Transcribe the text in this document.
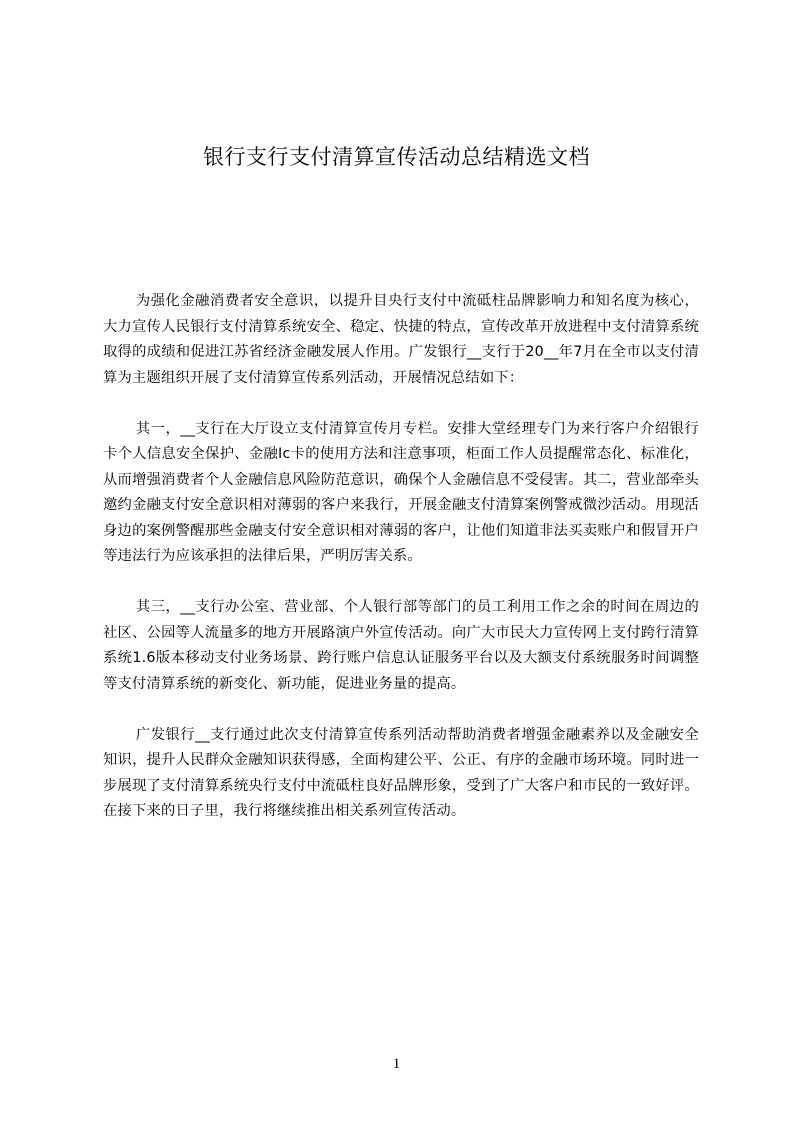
银行支行支付清算宣传活动总结精选文档

为强化金融消费者安全意识，以提升目央行支付中流砥柱品牌影响力和知名度为核心，大力宣传人民银行支付清算系统安全、稳定、快捷的特点，宣传改革开放进程中支付清算系统取得的成绩和促进江苏省经济金融发展人作用。广发银行__支行于20__年7月在全市以支付清算为主题组织开展了支付清算宣传系列活动，开展情况总结如下：

其一，__支行在大厅设立支付清算宣传月专栏。安排大堂经理专门为来行客户介绍银行卡个人信息安全保护、金融Ic卡的使用方法和注意事项，柜面工作人员提醒常态化、标准化，从而增强消费者个人金融信息风险防范意识，确保个人金融信息不受侵害。其二，营业部牵头邀约金融支付安全意识相对薄弱的客户来我行，开展金融支付清算案例警戒微沙活动。用现活身边的案例警醒那些金融支付安全意识相对薄弱的客户，让他们知道非法买卖账户和假冒开户等违法行为应该承担的法律后果，严明厉害关系。

其三，__支行办公室、营业部、个人银行部等部门的员工利用工作之余的时间在周边的社区、公园等人流量多的地方开展路演户外宣传活动。向广大市民大力宣传网上支付跨行清算系统1.6版本移动支付业务场景、跨行账户信息认证服务平台以及大额支付系统服务时间调整等支付清算系统的新变化、新功能，促进业务量的提高。

广发银行__支行通过此次支付清算宣传系列活动帮助消费者增强金融素养以及金融安全知识，提升人民群众金融知识获得感，全面构建公平、公正、有序的金融市场环境。同时进一步展现了支付清算系统央行支付中流砥柱良好品牌形象，受到了广大客户和市民的一致好评。在接下来的日子里，我行将继续推出相关系列宣传活动。

1
